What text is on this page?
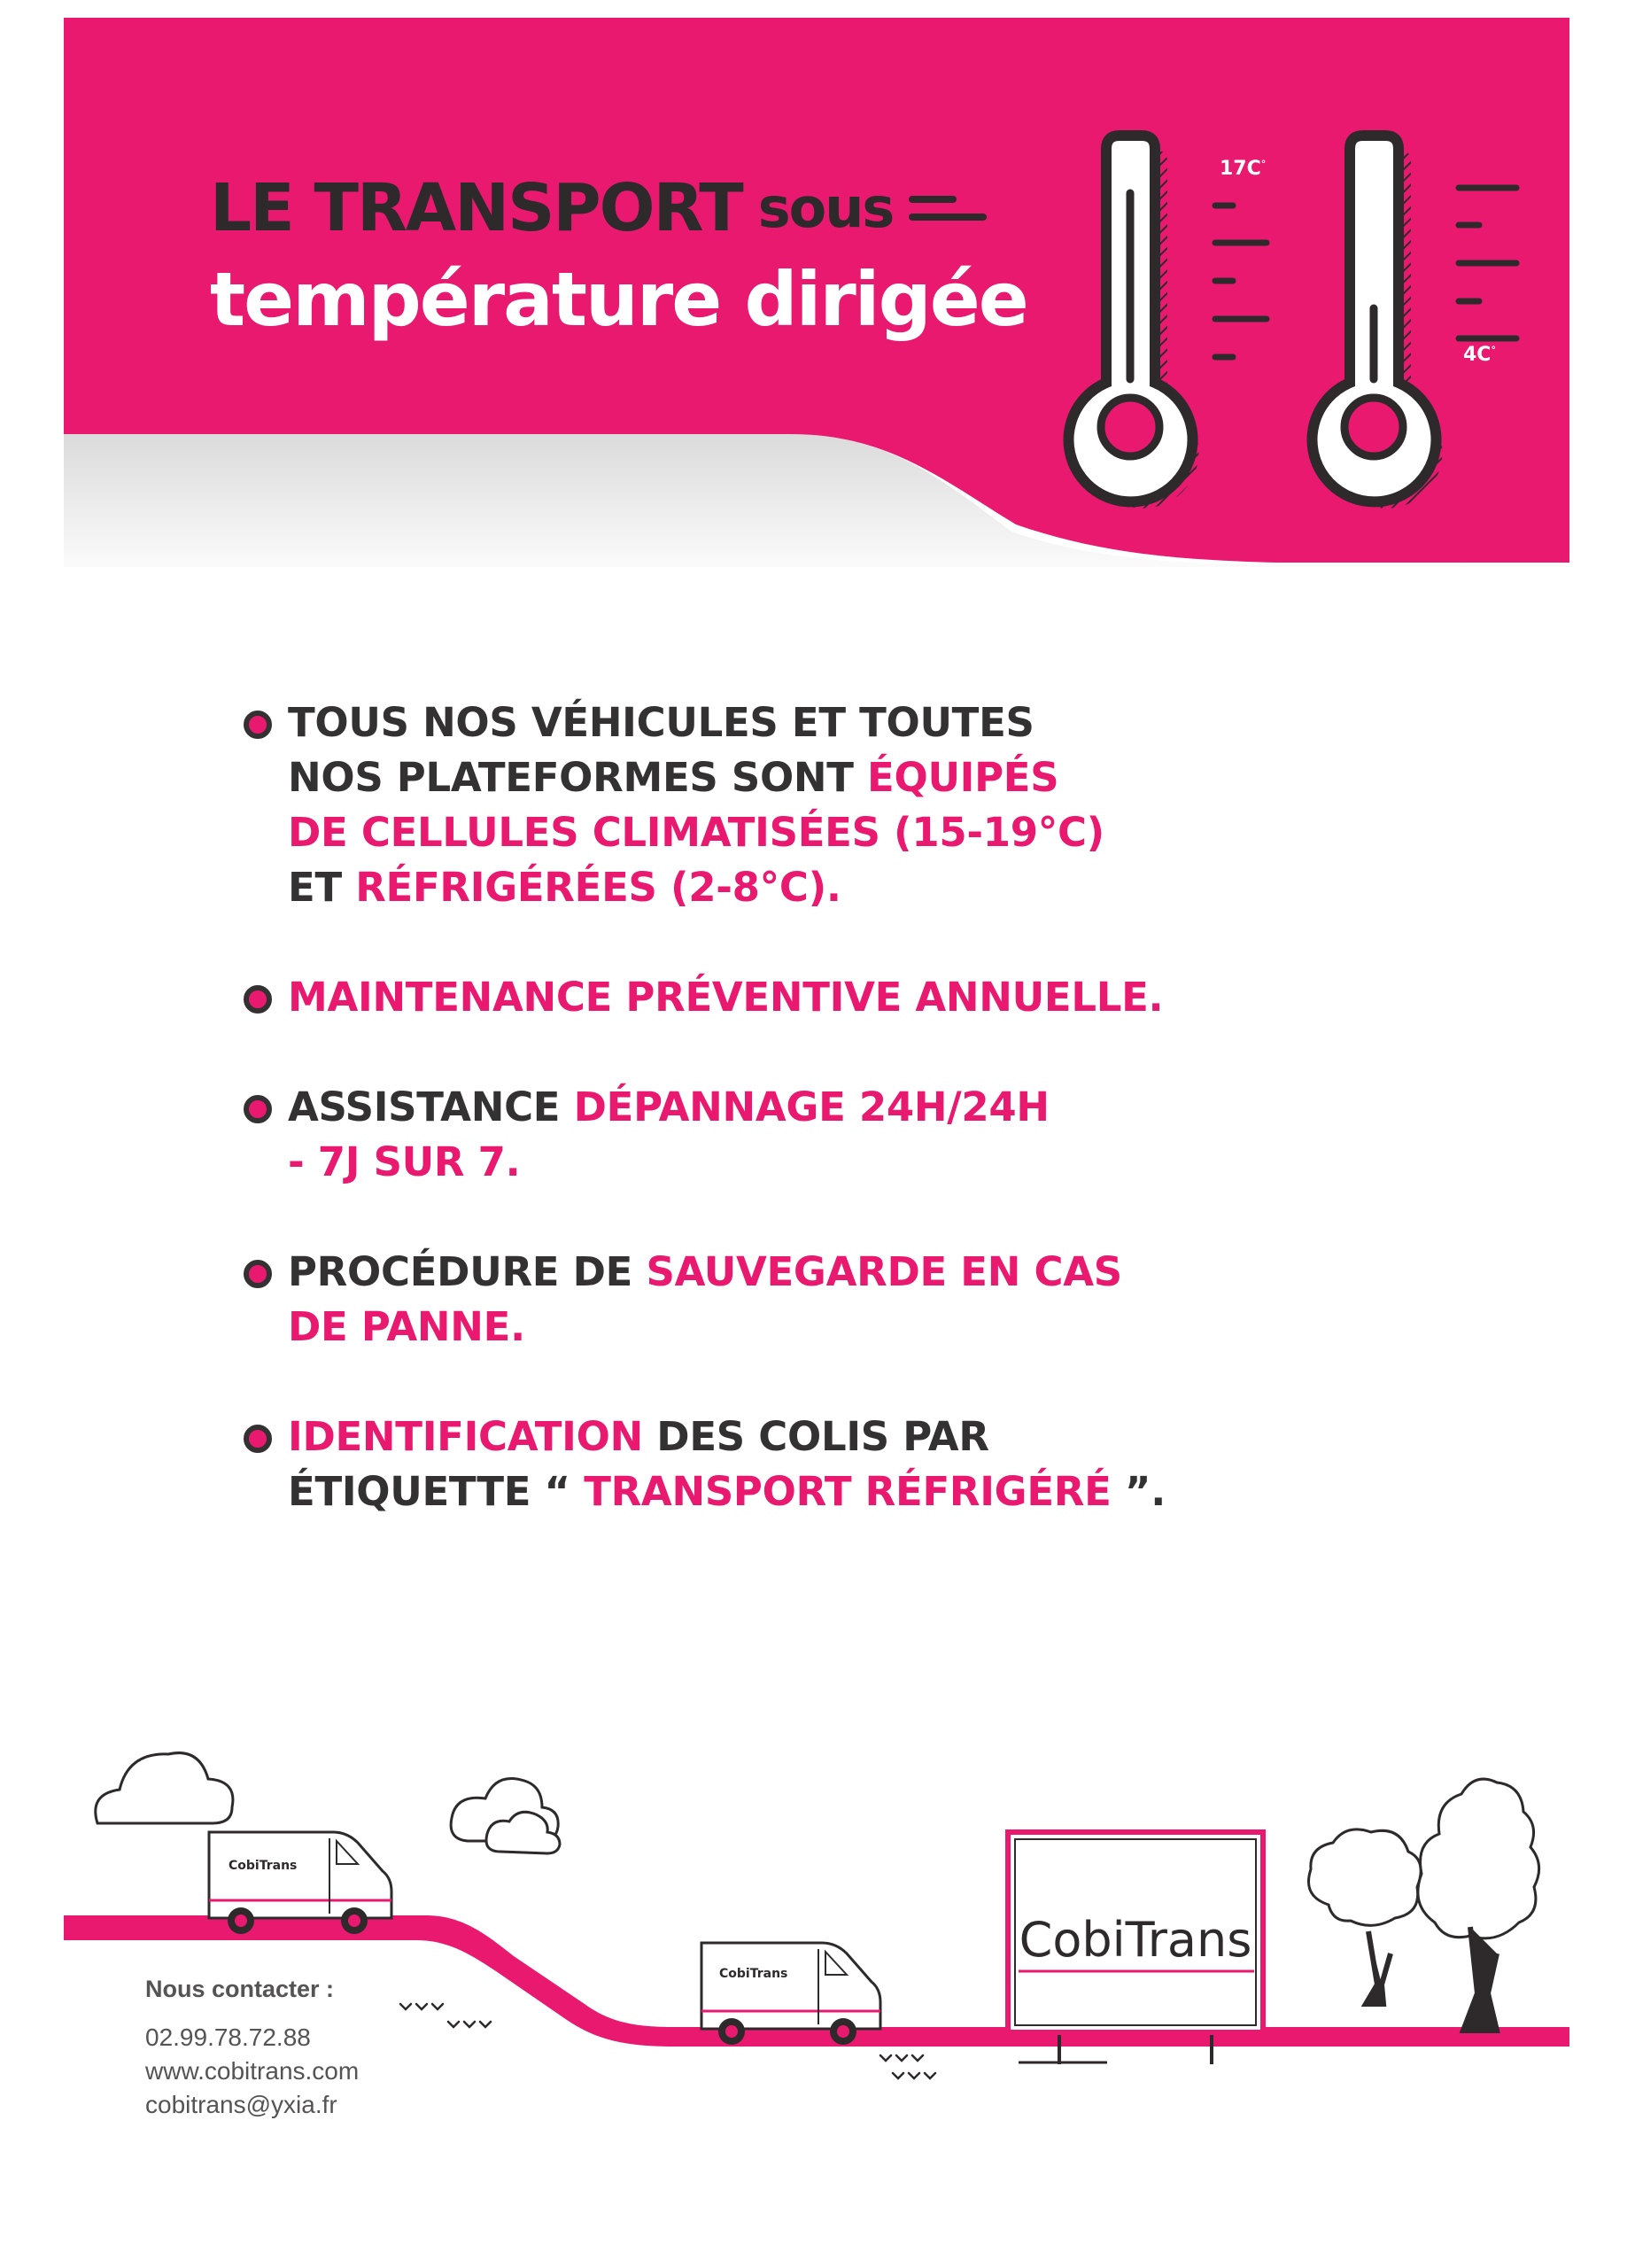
17C°
4C°
LE TRANSPORT sous
température dirigée
TOUS NOS VÉHICULES ET TOUTES
NOS PLATEFORMES SONT ÉQUIPÉS
DE CELLULES CLIMATISÉES (15-19°C)
ET RÉFRIGÉRÉES (2-8°C).
MAINTENANCE PRÉVENTIVE ANNUELLE.
ASSISTANCE DÉPANNAGE 24H/24H
- 7J SUR 7.
PROCÉDURE DE SAUVEGARDE EN CAS
DE PANNE.
IDENTIFICATION DES COLIS PAR
ÉTIQUETTE “ TRANSPORT RÉFRIGÉRÉ ”.
CobiTrans
CobiTrans
CobiTrans
Nous contacter :
02.99.78.72.88
www.cobitrans.com
cobitrans@yxia.fr
